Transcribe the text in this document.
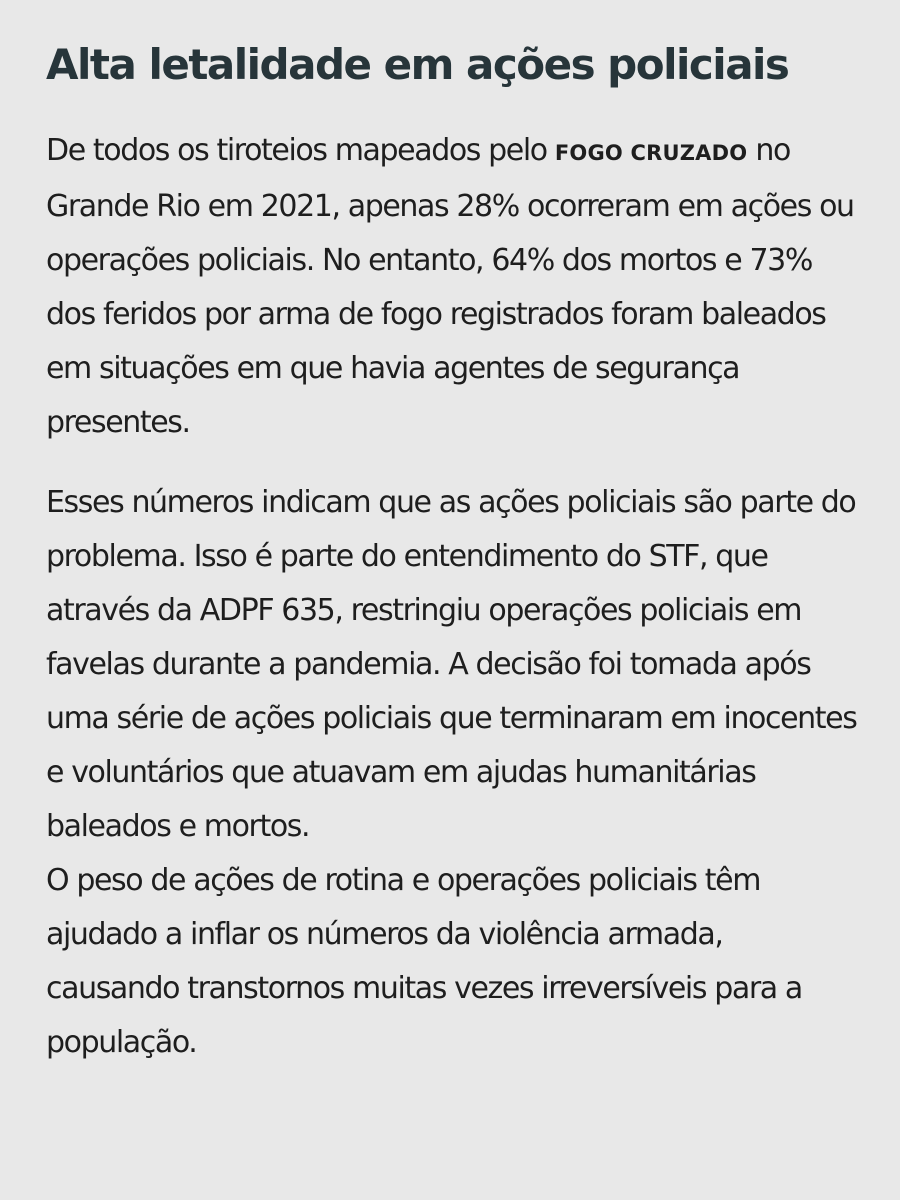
Alta letalidade em ações policiais

De todos os tiroteios mapeados pelo FOGO CRUZADO no Grande Rio em 2021, apenas 28% ocorreram em ações ou operações policiais. No entanto, 64% dos mortos e 73% dos feridos por arma de fogo registrados foram baleados em situações em que havia agentes de segurança presentes.

Esses números indicam que as ações policiais são parte do problema. Isso é parte do entendimento do STF, que através da ADPF 635, restringiu operações policiais em favelas durante a pandemia. A decisão foi tomada após uma série de ações policiais que terminaram em inocentes e voluntários que atuavam em ajudas humanitárias baleados e mortos.

O peso de ações de rotina e operações policiais têm ajudado a inflar os números da violência armada, causando transtornos muitas vezes irreversíveis para a população.
